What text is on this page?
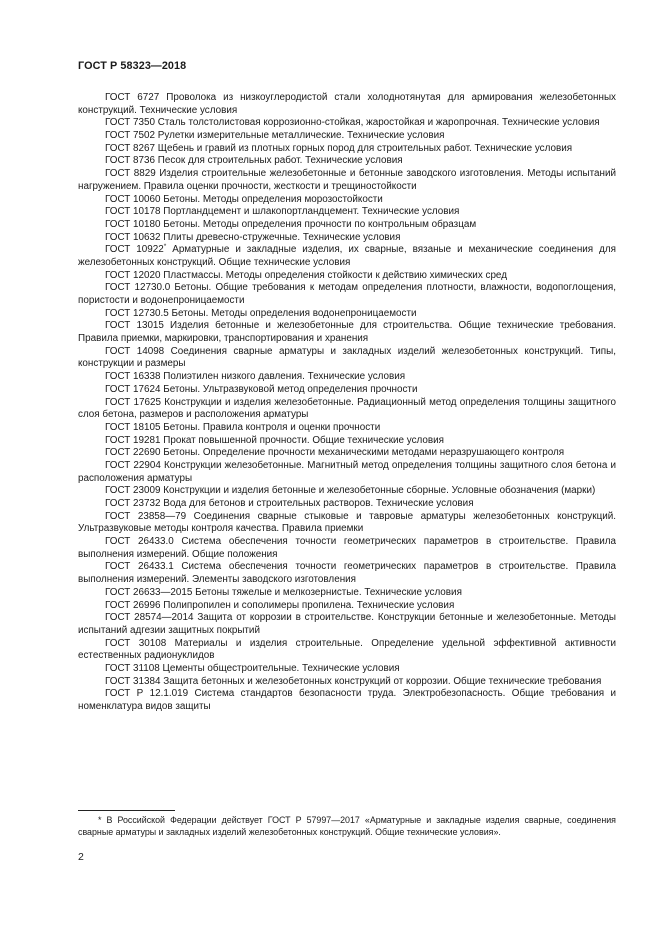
ГОСТ Р 58323—2018

ГОСТ 6727 Проволока из низкоуглеродистой стали холоднотянутая для армирования железобетонных конструкций. Технические условия

ГОСТ 7350 Сталь толстолистовая коррозионно-стойкая, жаростойкая и жаропрочная. Технические условия

ГОСТ 7502 Рулетки измерительные металлические. Технические условия

ГОСТ 8267 Щебень и гравий из плотных горных пород для строительных работ. Технические условия

ГОСТ 8736 Песок для строительных работ. Технические условия

ГОСТ 8829 Изделия строительные железобетонные и бетонные заводского изготовления. Методы испытаний нагружением. Правила оценки прочности, жесткости и трещиностойкости

ГОСТ 10060 Бетоны. Методы определения морозостойкости

ГОСТ 10178 Портландцемент и шлакопортландцемент. Технические условия

ГОСТ 10180 Бетоны. Методы определения прочности по контрольным образцам

ГОСТ 10632 Плиты древесно-стружечные. Технические условия

ГОСТ 10922* Арматурные и закладные изделия, их сварные, вязаные и механические соединения для железобетонных конструкций. Общие технические условия

ГОСТ 12020 Пластмассы. Методы определения стойкости к действию химических сред

ГОСТ 12730.0 Бетоны. Общие требования к методам определения плотности, влажности, водопоглощения, пористости и водонепроницаемости

ГОСТ 12730.5 Бетоны. Методы определения водонепроницаемости

ГОСТ 13015 Изделия бетонные и железобетонные для строительства. Общие технические требования. Правила приемки, маркировки, транспортирования и хранения

ГОСТ 14098 Соединения сварные арматуры и закладных изделий железобетонных конструкций. Типы, конструкции и размеры

ГОСТ 16338 Полиэтилен низкого давления. Технические условия

ГОСТ 17624 Бетоны. Ультразвуковой метод определения прочности

ГОСТ 17625 Конструкции и изделия железобетонные. Радиационный метод определения толщины защитного слоя бетона, размеров и расположения арматуры

ГОСТ 18105 Бетоны. Правила контроля и оценки прочности

ГОСТ 19281 Прокат повышенной прочности. Общие технические условия

ГОСТ 22690 Бетоны. Определение прочности механическими методами неразрушающего контроля

ГОСТ 22904 Конструкции железобетонные. Магнитный метод определения толщины защитного слоя бетона и расположения арматуры

ГОСТ 23009 Конструкции и изделия бетонные и железобетонные сборные. Условные обозначения (марки)

ГОСТ 23732 Вода для бетонов и строительных растворов. Технические условия

ГОСТ 23858—79 Соединения сварные стыковые и тавровые арматуры железобетонных конструкций. Ультразвуковые методы контроля качества. Правила приемки

ГОСТ 26433.0 Система обеспечения точности геометрических параметров в строительстве. Правила выполнения измерений. Общие положения

ГОСТ 26433.1 Система обеспечения точности геометрических параметров в строительстве. Правила выполнения измерений. Элементы заводского изготовления

ГОСТ 26633—2015 Бетоны тяжелые и мелкозернистые. Технические условия

ГОСТ 26996 Полипропилен и сополимеры пропилена. Технические условия

ГОСТ 28574—2014 Защита от коррозии в строительстве. Конструкции бетонные и железобетонные. Методы испытаний адгезии защитных покрытий

ГОСТ 30108 Материалы и изделия строительные. Определение удельной эффективной активности естественных радионуклидов

ГОСТ 31108 Цементы общестроительные. Технические условия

ГОСТ 31384 Защита бетонных и железобетонных конструкций от коррозии. Общие технические требования

ГОСТ Р 12.1.019 Система стандартов безопасности труда. Электробезопасность. Общие требования и номенклатура видов защиты

* В Российской Федерации действует ГОСТ Р 57997—2017 «Арматурные и закладные изделия сварные, соединения сварные арматуры и закладных изделий железобетонных конструкций. Общие технические условия».

2
